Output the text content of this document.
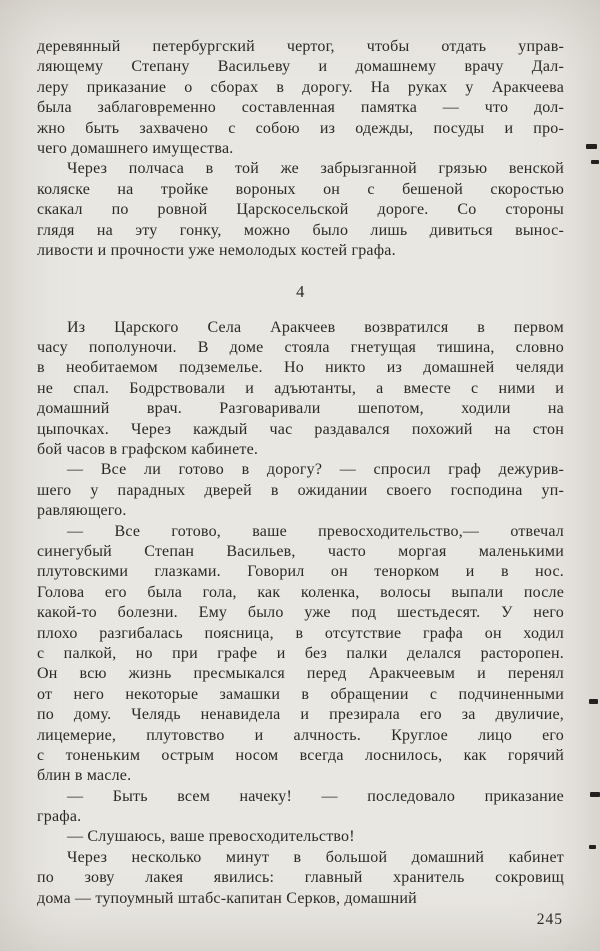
деревянный петербургский чертог, чтобы отдать управ-
ляющему Степану Васильеву и домашнему врачу Дал-
леру приказание о сборах в дорогу. На руках у Аракчеева
была заблаговременно составленная памятка — что дол-
жно быть захвачено с собою из одежды, посуды и про-
чего домашнего имущества.
Через полчаса в той же забрызганной грязью венской
коляске на тройке вороных он с бешеной скоростью
скакал по ровной Царскосельской дороге. Со стороны
глядя на эту гонку, можно было лишь дивиться вынос-
ливости и прочности уже немолодых костей графа.
4
Из Царского Села Аракчеев возвратился в первом
часу пополуночи. В доме стояла гнетущая тишина, словно
в необитаемом подземелье. Но никто из домашней челяди
не спал. Бодрствовали и адъютанты, а вместе с ними и
домашний врач. Разговаривали шепотом, ходили на
цыпочках. Через каждый час раздавался похожий на стон
бой часов в графском кабинете.
— Все ли готово в дорогу? — спросил граф дежурив-
шего у парадных дверей в ожидании своего господина уп-
равляющего.
— Все готово, ваше превосходительство,— отвечал
синегубый Степан Васильев, часто моргая маленькими
плутовскими глазками. Говорил он тенорком и в нос.
Голова его была гола, как коленка, волосы выпали после
какой-то болезни. Ему было уже под шестьдесят. У него
плохо разгибалась поясница, в отсутствие графа он ходил
с палкой, но при графе и без палки делался расторопен.
Он всю жизнь пресмыкался перед Аракчеевым и перенял
от него некоторые замашки в обращении с подчиненными
по дому. Челядь ненавидела и презирала его за двуличие,
лицемерие, плутовство и алчность. Круглое лицо его
с тоненьким острым носом всегда лоснилось, как горячий
блин в масле.
— Быть всем начеку! — последовало приказание
графа.
— Слушаюсь, ваше превосходительство!
Через несколько минут в большой домашний кабинет
по зову лакея явились: главный хранитель сокровищ
дома — тупоумный штабс-капитан Серков, домашний
245
